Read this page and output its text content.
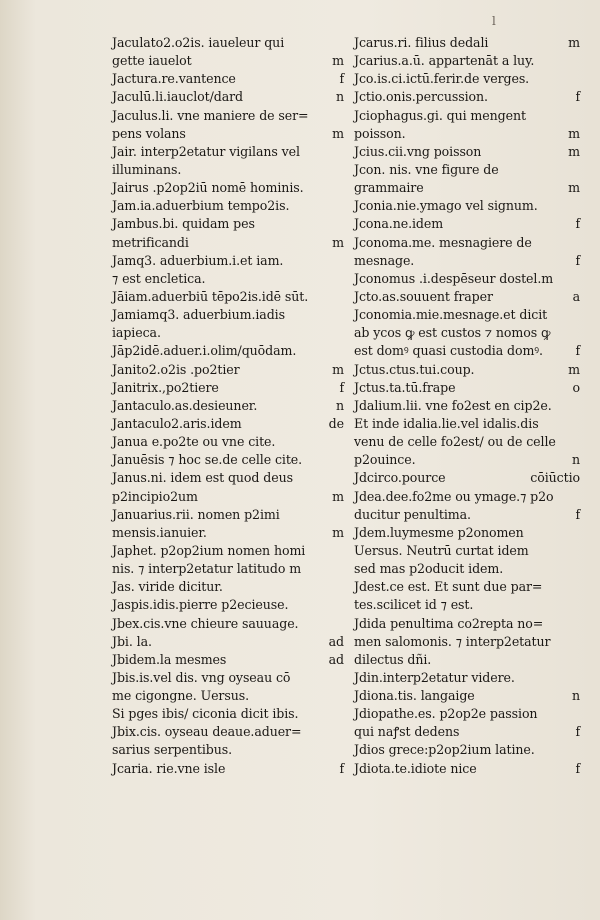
l
Jaculato2.o2is. iaueleur qui
gette iauelot	m
Jactura.re.vantence	f
Jaculū.li.iauclot/dard	n
Jaculus.li. vne maniere de ser=
pens volans	m
Jair. interp2etatur vigilans vel
illuminans.
Jairus .p2op2iū nomē hominis.
Jam.ia.aduerbium tempo2is.
Jambus.bi. quidam pes
metrificandi	m
Jamq3. aduerbium.i.et iam.
⁊ est encletica.
Jāiam.aduerbiū tēpo2is.idē sūt.
Jamiamq3. aduerbium.iadis
iapieca.
Jāp2idē.aduer.i.olim/quōdam.
Janito2.o2is .po2tier	m
Janitrix.,po2tiere	f
Jantaculo.as.desieuner.	n
Jantaculo2.aris.idem	de
Janua e.po2te ou vne cite.
Januēsis ⁊ hoc se.de celle cite.
Janus.ni. idem est quod deus
p2incipio2um	m
Januarius.rii. nomen p2imi
mensis.ianuier.	m
Japhet. p2op2ium nomen homi
nis. ⁊ interp2etatur latitudo m
Jas. viride dicitur.
Jaspis.idis.pierre p2ecieuse.
Jbex.cis.vne chieure sauuage.
Jbi. la.	ad
Jbidem.la mesmes	ad
Jbis.is.vel dis. vng oyseau cō
me cigongne. Uersus.
Si pges ibis/ ciconia dicit ibis.
Jbix.cis. oyseau deaue.aduer=
sarius serpentibus.
Jcaria. rie.vne isle	f
Jcarus.ri. filius dedali	m
Jcarius.a.ū. appartenāt a luy.
Jco.is.ci.ictū.ferir.de verges.
Jctio.onis.percussion.	f
Jciophagus.gi. qui mengent
poisson.	m
Jcius.cii.vng poisson	m
Jcon. nis. vne figure de
grammaire	m
Jconia.nie.ymago vel signum.
Jcona.ne.idem	f
Jconoma.me. mesnagiere de
mesnage.	f
Jconomus .i.despēseur dostel.m
Jcto.as.souuent fraper	a
Jconomia.mie.mesnage.et dicit
ab ycos ꝙ est custos ⁊ nomos ꝙ
est domꝰ quasi custodia domꝰ.	f
Jctus.ctus.tui.coup.	m
Jctus.ta.tū.frape	o
Jdalium.lii. vne fo2est en cip2e.
Et inde idalia.lie.vel idalis.dis
venu de celle fo2est/ ou de celle
p2ouince.	n
Jdcirco.pource	cōiūctio
Jdea.dee.fo2me ou ymage.⁊ p2o
ducitur penultima.	f
Jdem.luymesme p2onomen
Uersus. Neutrū curtat idem
sed mas p2oducit idem.
Jdest.ce est. Et sunt due par=
tes.scilicet id ⁊ est.
Jdida penultima co2repta no=
men salomonis. ⁊ interp2etatur
dilectus dñi.
Jdin.interp2etatur videre.
Jdiona.tis. langaige	n
Jdiopathe.es. p2op2e passion
qui naꝭst dedens	f
Jdios grece:p2op2ium latine.
Jdiota.te.idiote nice	f
